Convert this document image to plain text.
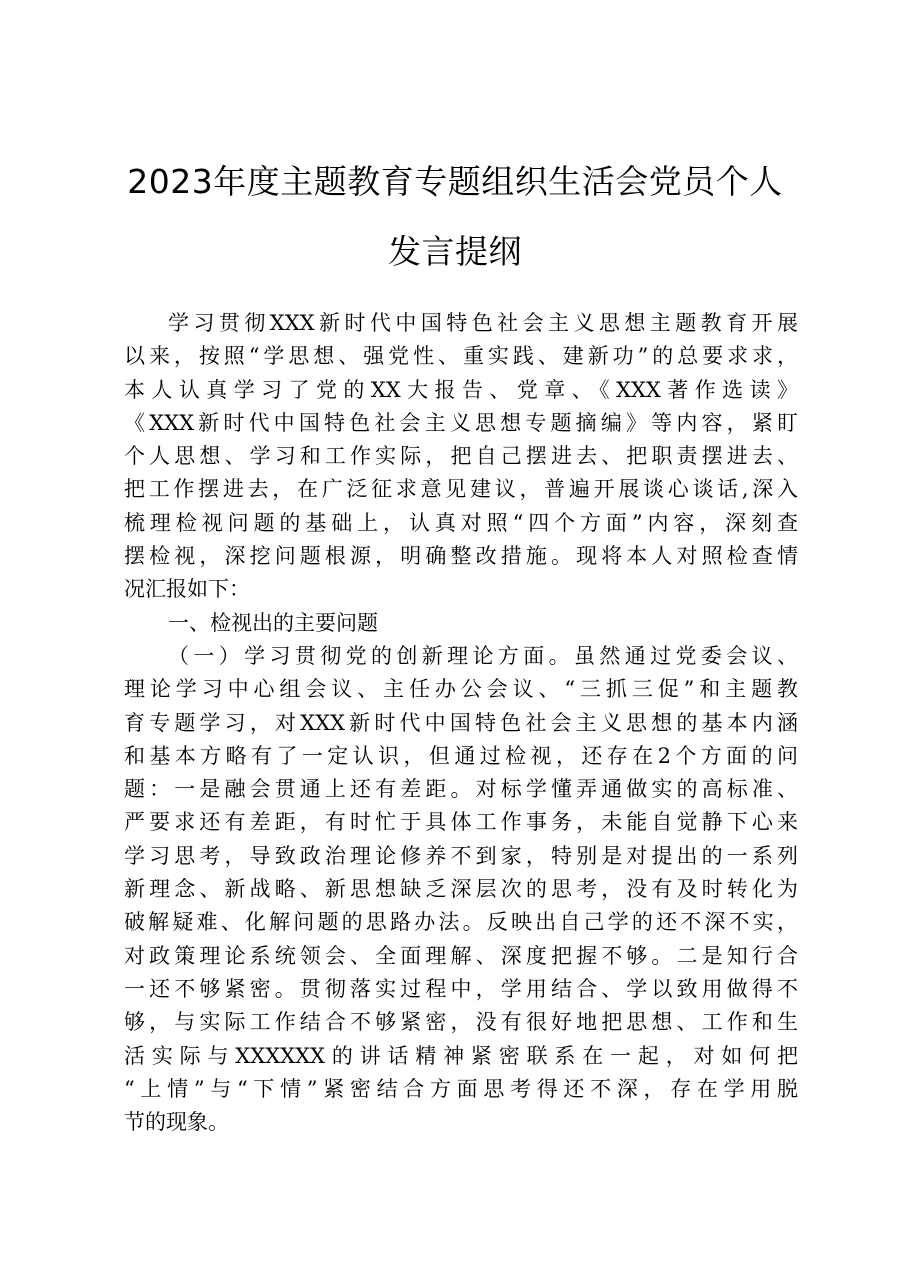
2023年度主题教育专题组织生活会党员个人
发言提纲
学习贯彻XXX新时代中国特色社会主义思想主题教育开展
以来，按照“学思想、强党性、重实践、建新功”的总要求求，
本人认真学习了党的XX大报告、党章、《XXX著作选读》
《XXX新时代中国特色社会主义思想专题摘编》等内容，紧盯
个人思想、学习和工作实际，把自己摆进去、把职责摆进去、
把工作摆进去，在广泛征求意见建议，普遍开展谈心谈话,深入
梳理检视问题的基础上，认真对照“四个方面”内容，深刻查
摆检视，深挖问题根源，明确整改措施。现将本人对照检查情
况汇报如下：
一、检视出的主要问题
（一）学习贯彻党的创新理论方面。虽然通过党委会议、
理论学习中心组会议、主任办公会议、“三抓三促”和主题教
育专题学习，对XXX新时代中国特色社会主义思想的基本内涵
和基本方略有了一定认识，但通过检视，还存在2个方面的问
题：一是融会贯通上还有差距。对标学懂弄通做实的高标准、
严要求还有差距，有时忙于具体工作事务，未能自觉静下心来
学习思考，导致政治理论修养不到家，特别是对提出的一系列
新理念、新战略、新思想缺乏深层次的思考，没有及时转化为
破解疑难、化解问题的思路办法。反映出自己学的还不深不实，
对政策理论系统领会、全面理解、深度把握不够。二是知行合
一还不够紧密。贯彻落实过程中，学用结合、学以致用做得不
够，与实际工作结合不够紧密，没有很好地把思想、工作和生
活实际与XXXXXX的讲话精神紧密联系在一起，对如何把
“上情”与“下情”紧密结合方面思考得还不深，存在学用脱
节的现象。
